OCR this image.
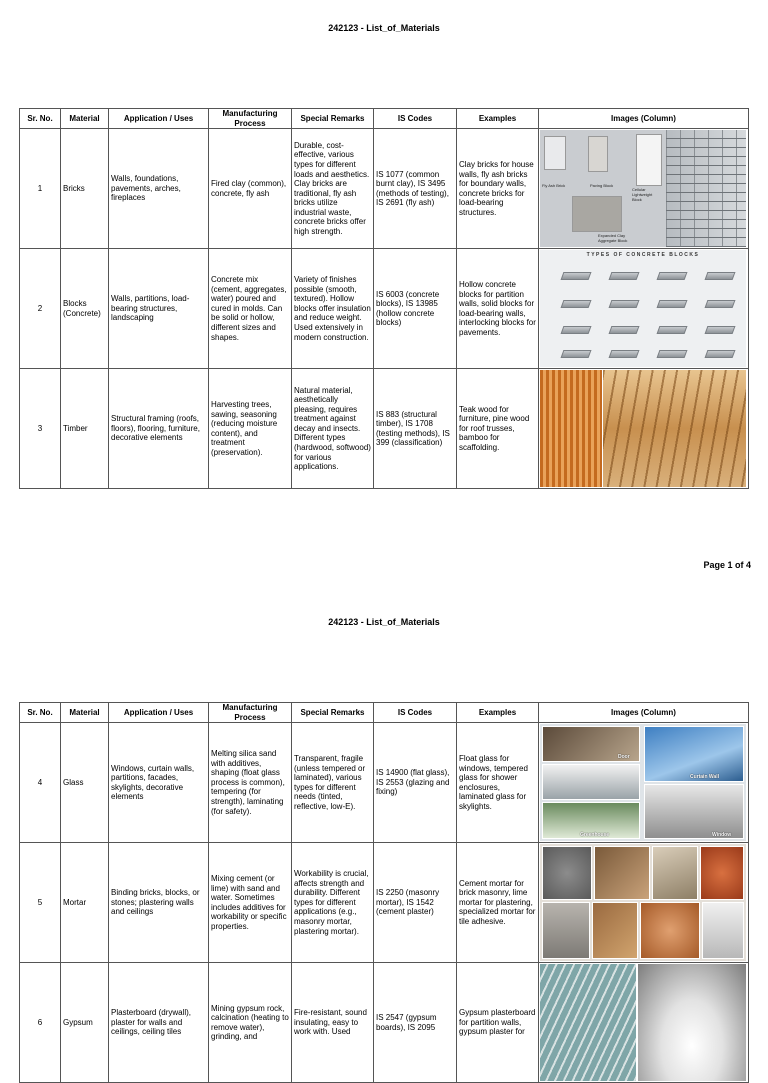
242123 - List_of_Materials
Sr. No.	Material	Application / Uses	Manufacturing Process	Special Remarks	IS Codes	Examples	Images (Column)
1	Bricks	Walls, foundations, pavements, arches, fireplaces	Fired clay (common), concrete, fly ash	Durable, cost-effective, various types for different loads and aesthetics. Clay bricks are traditional, fly ash bricks utilize industrial waste, concrete bricks offer high strength.	IS 1077 (common burnt clay), IS 3495 (methods of testing), IS 2691 (fly ash)	Clay bricks for house walls, fly ash bricks for boundary walls, concrete bricks for load-bearing structures.	Fly Ash Brick Paving Block
Cellular Lightweight Block
Expanded Clay Aggregate Block

2	Blocks (Concrete)	Walls, partitions, load-bearing structures, landscaping	Concrete mix (cement, aggregates, water) poured and cured in molds. Can be solid or hollow, different sizes and shapes.	Variety of finishes possible (smooth, textured). Hollow blocks offer insulation and reduce weight. Used extensively in modern construction.	IS 6003 (concrete blocks), IS 13985 (hollow concrete blocks)	Hollow concrete blocks for partition walls, solid blocks for load-bearing walls, interlocking blocks for pavements.	TYPES OF CONCRETE BLOCKS

3	Timber	Structural framing (roofs, floors), flooring, furniture, decorative elements	Harvesting trees, sawing, seasoning (reducing moisture content), and treatment (preservation).	Natural material, aesthetically pleasing, requires treatment against decay and insects. Different types (hardwood, softwood) for various applications.	IS 883 (structural timber), IS 1708 (testing methods), IS 399 (classification)	Teak wood for furniture, pine wood for roof trusses, bamboo for scaffolding.	
Page 1 of 4
242123 - List_of_Materials
Sr. No.	Material	Application / Uses	Manufacturing Process	Special Remarks	IS Codes	Examples	Images (Column)
4	Glass	Windows, curtain walls, partitions, facades, skylights, decorative elements	Melting silica sand with additives, shaping (float glass process is common), tempering (for strength), laminating (for safety).	Transparent, fragile (unless tempered or laminated), various types for different needs (tinted, reflective, low-E).	IS 14900 (flat glass), IS 2553 (glazing and fixing)	Float glass for windows, tempered glass for shower enclosures, laminated glass for skylights.	Door
Curtain Wall
Greenhouse Window

5	Mortar	Binding bricks, blocks, or stones; plastering walls and ceilings	Mixing cement (or lime) with sand and water. Sometimes includes additives for workability or specific properties.	Workability is crucial, affects strength and durability. Different types for different applications (e.g., masonry mortar, plastering mortar).	IS 2250 (masonry mortar), IS 1542 (cement plaster)	Cement mortar for brick masonry, lime mortar for plastering, specialized mortar for tile adhesive.	

6	Gypsum	Plasterboard (drywall), plaster for walls and ceilings, ceiling tiles	Mining gypsum rock, calcination (heating to remove water), grinding, and	Fire-resistant, sound insulating, easy to work with. Used	IS 2547 (gypsum boards), IS 2095	Gypsum plasterboard for partition walls, gypsum plaster for	
